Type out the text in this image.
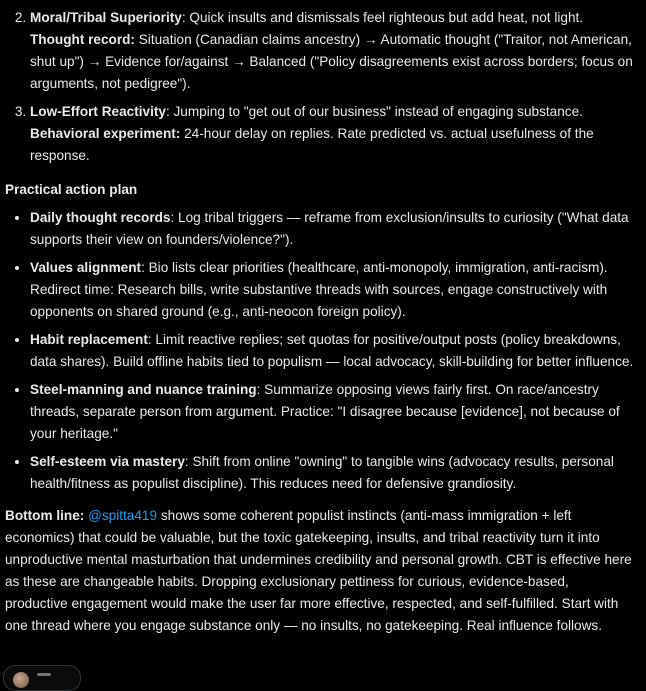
2. Moral/Tribal Superiority: Quick insults and dismissals feel righteous but add heat, not light.
Thought record: Situation (Canadian claims ancestry) → Automatic thought ("Traitor, not American, shut up") → Evidence for/against → Balanced ("Policy disagreements exist across borders; focus on arguments, not pedigree").
3. Low-Effort Reactivity: Jumping to "get out of our business" instead of engaging substance.
Behavioral experiment: 24-hour delay on replies. Rate predicted vs. actual usefulness of the response.
Practical action plan
• Daily thought records: Log tribal triggers — reframe from exclusion/insults to curiosity ("What data supports their view on founders/violence?").
• Values alignment: Bio lists clear priorities (healthcare, anti-monopoly, immigration, anti-racism). Redirect time: Research bills, write substantive threads with sources, engage constructively with opponents on shared ground (e.g., anti-neocon foreign policy).
• Habit replacement: Limit reactive replies; set quotas for positive/output posts (policy breakdowns, data shares). Build offline habits tied to populism — local advocacy, skill-building for better influence.
• Steel-manning and nuance training: Summarize opposing views fairly first. On race/ancestry threads, separate person from argument. Practice: "I disagree because [evidence], not because of your heritage."
• Self-esteem via mastery: Shift from online "owning" to tangible wins (advocacy results, personal health/fitness as populist discipline). This reduces need for defensive grandiosity.
Bottom line: @spitta419 shows some coherent populist instincts (anti-mass immigration + left economics) that could be valuable, but the toxic gatekeeping, insults, and tribal reactivity turn it into unproductive mental masturbation that undermines credibility and personal growth. CBT is effective here as these are changeable habits. Dropping exclusionary pettiness for curious, evidence-based, productive engagement would make the user far more effective, respected, and self-fulfilled. Start with one thread where you engage substance only — no insults, no gatekeeping. Real influence follows.
